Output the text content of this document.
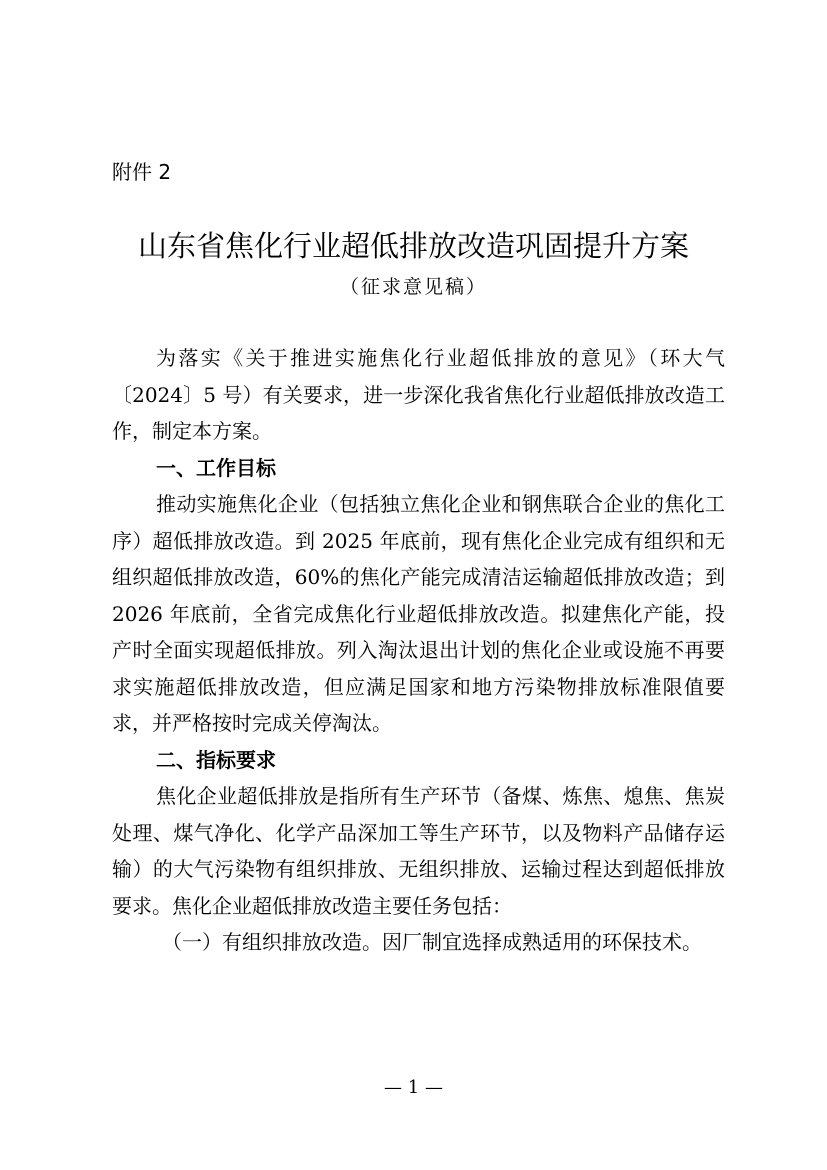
附件 2
山东省焦化行业超低排放改造巩固提升方案
（征求意见稿）

为落实《关于推进实施焦化行业超低排放的意见》（环大气〔2024〕5 号）有关要求，进一步深化我省焦化行业超低排放改造工作，制定本方案。

一、工作目标

推动实施焦化企业（包括独立焦化企业和钢焦联合企业的焦化工序）超低排放改造。到 2025 年底前，现有焦化企业完成有组织和无组织超低排放改造，60%的焦化产能完成清洁运输超低排放改造；到 2026 年底前，全省完成焦化行业超低排放改造。拟建焦化产能，投产时全面实现超低排放。列入淘汰退出计划的焦化企业或设施不再要求实施超低排放改造，但应满足国家和地方污染物排放标准限值要求，并严格按时完成关停淘汰。

二、指标要求

焦化企业超低排放是指所有生产环节（备煤、炼焦、熄焦、焦炭处理、煤气净化、化学产品深加工等生产环节，以及物料产品储存运输）的大气污染物有组织排放、无组织排放、运输过程达到超低排放要求。焦化企业超低排放改造主要任务包括：

（一）有组织排放改造。因厂制宜选择成熟适用的环保技术。

— 1 —
